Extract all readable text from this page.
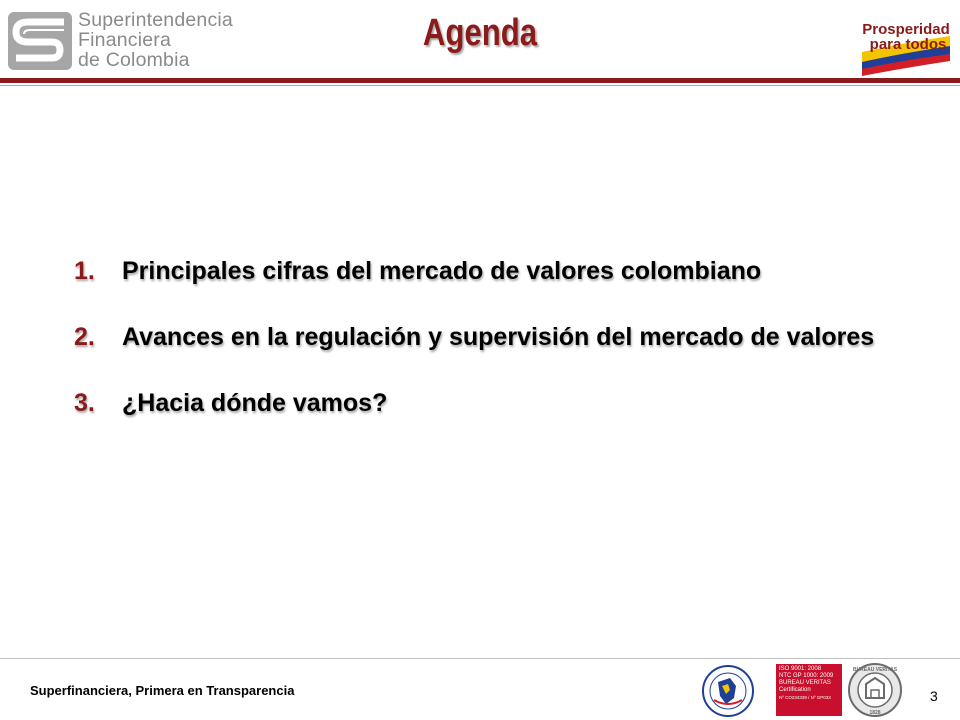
Superintendencia
Financiera
de Colombia
Agenda	Prosperidad
para todos
1.	Principales cifras del mercado de valores colombiano
2.	Avances en la regulación y supervisión del mercado de valores
3.	¿Hacia dónde vamos?
Superfinanciera, Primera en Transparencia
ISO 9001: 2008
NTC GP 1000: 2009
BUREAU VERITAS
Certification
Nº CO234339 / Nº GP033
BUREAU VERITAS
1828
3
